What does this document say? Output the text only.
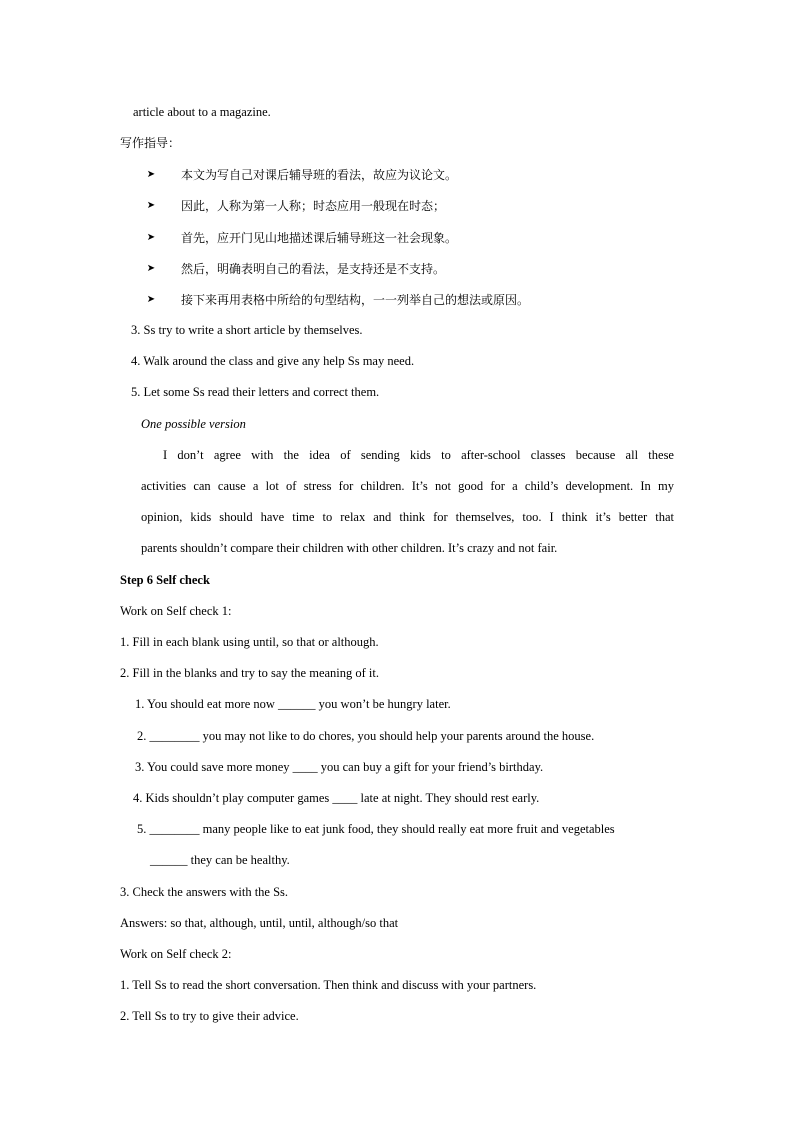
article about to a magazine.
写作指导：
➤ 本文为写自己对课后辅导班的看法，故应为议论文。
➤ 因此，人称为第一人称；时态应用一般现在时态；
➤ 首先，应开门见山地描述课后辅导班这一社会现象。
➤ 然后，明确表明自己的看法，是支持还是不支持。
➤ 接下来再用表格中所给的句型结构，一一列举自己的想法或原因。
3. Ss try to write a short article by themselves.
4. Walk around the class and give any help Ss may need.
5. Let some Ss read their letters and correct them.
One possible version
I don’t agree with the idea of sending kids to after-school classes because all these
activities can cause a lot of stress for children. It’s not good for a child’s development. In my
opinion, kids should have time to relax and think for themselves, too. I think it’s better that
parents shouldn’t compare their children with other children. It’s crazy and not fair.
Step 6 Self check
Work on Self check 1:
1. Fill in each blank using until, so that or although.
2. Fill in the blanks and try to say the meaning of it.
1. You should eat more now ______ you won’t be hungry later.
2. ________ you may not like to do chores, you should help your parents around the house.
3. You could save more money ____ you can buy a gift for your friend’s birthday.
4. Kids shouldn’t play computer games ____ late at night. They should rest early.
5. ________ many people like to eat junk food, they should really eat more fruit and vegetables
______ they can be healthy.
3. Check the answers with the Ss.
Answers: so that, although, until, until, although/so that
Work on Self check 2:
1. Tell Ss to read the short conversation. Then think and discuss with your partners.
2. Tell Ss to try to give their advice.
